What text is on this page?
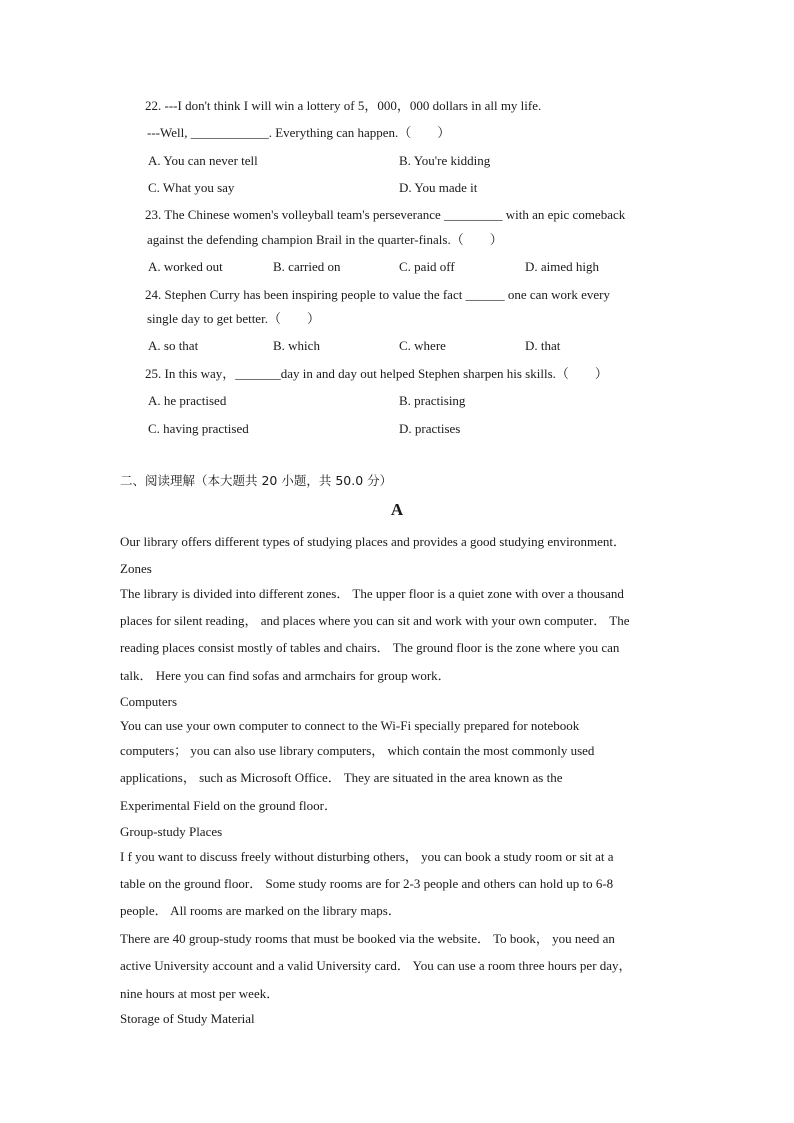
22. ---I don't think I will win a lottery of 5，000，000 dollars in all my life.
---Well, ____________. Everything can happen.（　　）
A. You can never tell	B. You're kidding
C. What you say	D. You made it
23. The Chinese women's volleyball team's perseverance _________ with an epic comeback
against the defending champion Brail in the quarter-finals.（　　）
A. worked out	B. carried on	C. paid off	D. aimed high
24. Stephen Curry has been inspiring people to value the fact ______ one can work every
single day to get better.（　　）
A. so that	B. which	C. where	D. that
25. In this way，_______day in and day out helped Stephen sharpen his skills.（　　）
A. he practised	B. practising
C. having practised	D. practises
二、阅读理解（本大题共 20 小题，共 50.0 分）
A
Our library offers different types of studying places and provides a good studying environment．
Zones
The library is divided into different zones． The upper floor is a quiet zone with over a thousand
places for silent reading， and places where you can sit and work with your own computer． The
reading places consist mostly of tables and chairs． The ground floor is the zone where you can
talk． Here you can find sofas and armchairs for group work．
Computers
You can use your own computer to connect to the Wi-Fi specially prepared for notebook
computers； you can also use library computers， which contain the most commonly used
applications， such as Microsoft Office． They are situated in the area known as the
Experimental Field on the ground floor．
Group-study Places
I f you want to discuss freely without disturbing others， you can book a study room or sit at a
table on the ground floor． Some study rooms are for 2-3 people and others can hold up to 6-8
people． All rooms are marked on the library maps．
There are 40 group-study rooms that must be booked via the website． To book， you need an
active University account and a valid University card． You can use a room three hours per day，
nine hours at most per week．
Storage of Study Material
